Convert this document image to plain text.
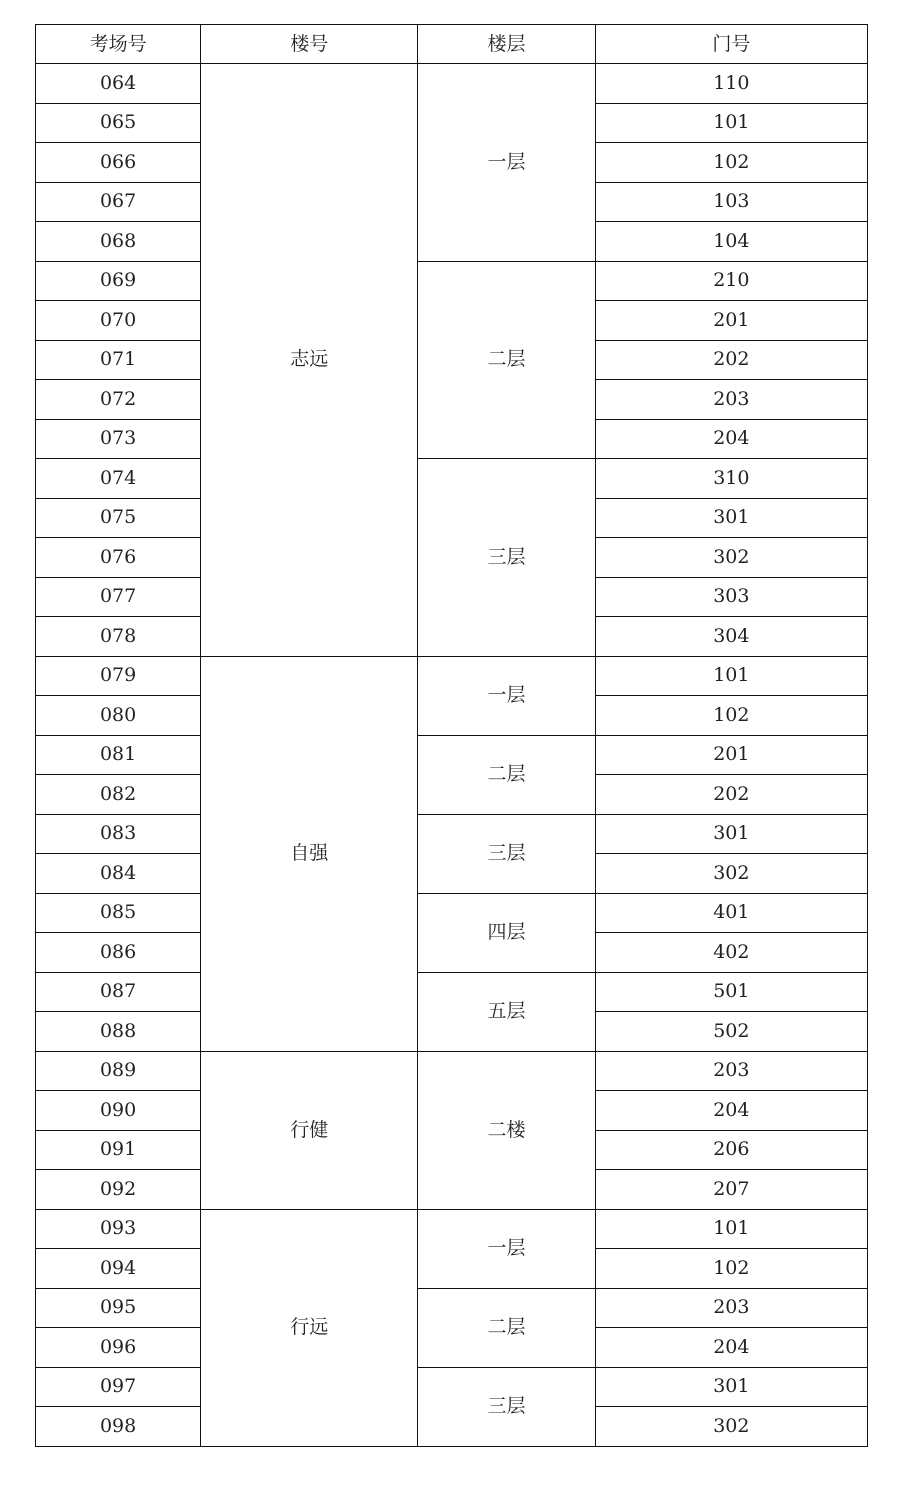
考场号	楼号	楼层	门号
064	志远	一层	110
065			101
066			102
067			103
068			104
069		二层	210
070			201
071			202
072			203
073			204
074		三层	310
075			301
076			302
077			303
078			304
079	自强	一层	101
080			102
081		二层	201
082			202
083		三层	301
084			302
085		四层	401
086			402
087		五层	501
088			502
089	行健	二楼	203
090			204
091			206
092			207
093	行远	一层	101
094			102
095		二层	203
096			204
097		三层	301
098			302
